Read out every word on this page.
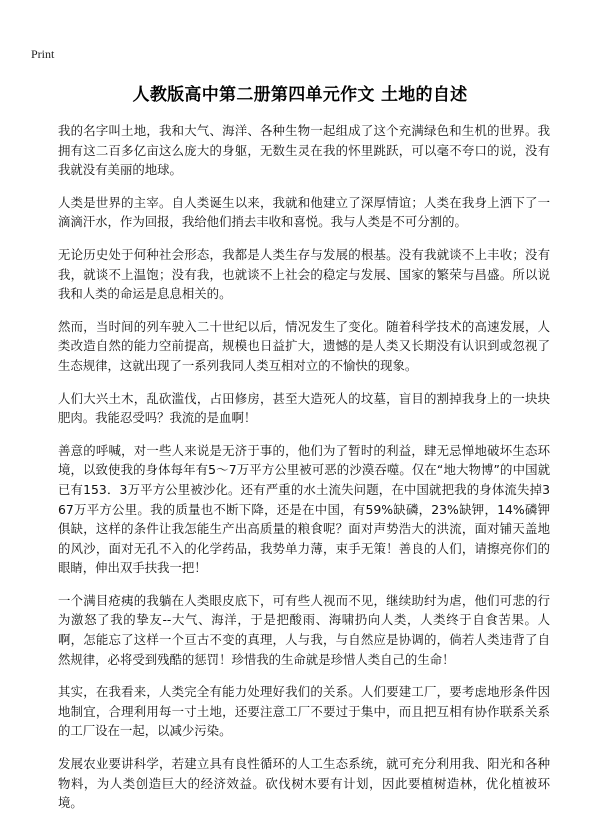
Print
人教版高中第二册第四单元作文 土地的自述

我的名字叫土地，我和大气、海洋、各种生物一起组成了这个充满绿色和生机的世界。我拥有这二百多亿亩这么庞大的身躯，无数生灵在我的怀里跳跃，可以毫不夸口的说，没有我就没有美丽的地球。

人类是世界的主宰。自人类诞生以来，我就和他建立了深厚情谊；人类在我身上洒下了一滴滴汗水，作为回报，我给他们捎去丰收和喜悦。我与人类是不可分割的。

无论历史处于何种社会形态，我都是人类生存与发展的根基。没有我就谈不上丰收；没有我，就谈不上温饱；没有我，也就谈不上社会的稳定与发展、国家的繁荣与昌盛。所以说我和人类的命运是息息相关的。

然而，当时间的列车驶入二十世纪以后，情况发生了变化。随着科学技术的高速发展，人类改造自然的能力空前提高，规模也日益扩大，遗憾的是人类又长期没有认识到或忽视了生态规律，这就出现了一系列我同人类互相对立的不愉快的现象。

人们大兴土木，乱砍滥伐，占田修房，甚至大造死人的坟墓，盲目的割掉我身上的一块块肥肉。我能忍受吗？我流的是血啊！

善意的呼喊，对一些人来说是无济于事的，他们为了暂时的利益，肆无忌惮地破坏生态环境，以致使我的身体每年有5～7万平方公里被可恶的沙漠吞噬。仅在“地大物博”的中国就已有153．3万平方公里被沙化。还有严重的水土流失问题，在中国就把我的身体流失掉367万平方公里。我的质量也不断下降，还是在中国，有59%缺磷，23%缺钾，14%磷钾俱缺，这样的条件让我怎能生产出高质量的粮食呢？面对声势浩大的洪流，面对铺天盖地的风沙，面对无孔不入的化学药品，我势单力薄，束手无策！善良的人们，请擦亮你们的眼睛，伸出双手扶我一把！

一个满目疮痍的我躺在人类眼皮底下，可有些人视而不见，继续助纣为虐，他们可悲的行为激怒了我的挚友--大气、海洋，于是把酸雨、海啸扔向人类，人类终于自食苦果。人啊，怎能忘了这样一个亘古不变的真理，人与我，与自然应是协调的，倘若人类违背了自然规律，必将受到残酷的惩罚！珍惜我的生命就是珍惜人类自己的生命！

其实，在我看来，人类完全有能力处理好我们的关系。人们要建工厂，要考虑地形条件因地制宜，合理利用每一寸土地，还要注意工厂不要过于集中，而且把互相有协作联系关系的工厂设在一起，以减少污染。

发展农业要讲科学，若建立具有良性循环的人工生态系统，就可充分利用我、阳光和各种物料，为人类创造巨大的经济效益。砍伐树木要有计划，因此要植树造林，优化植被环境。
